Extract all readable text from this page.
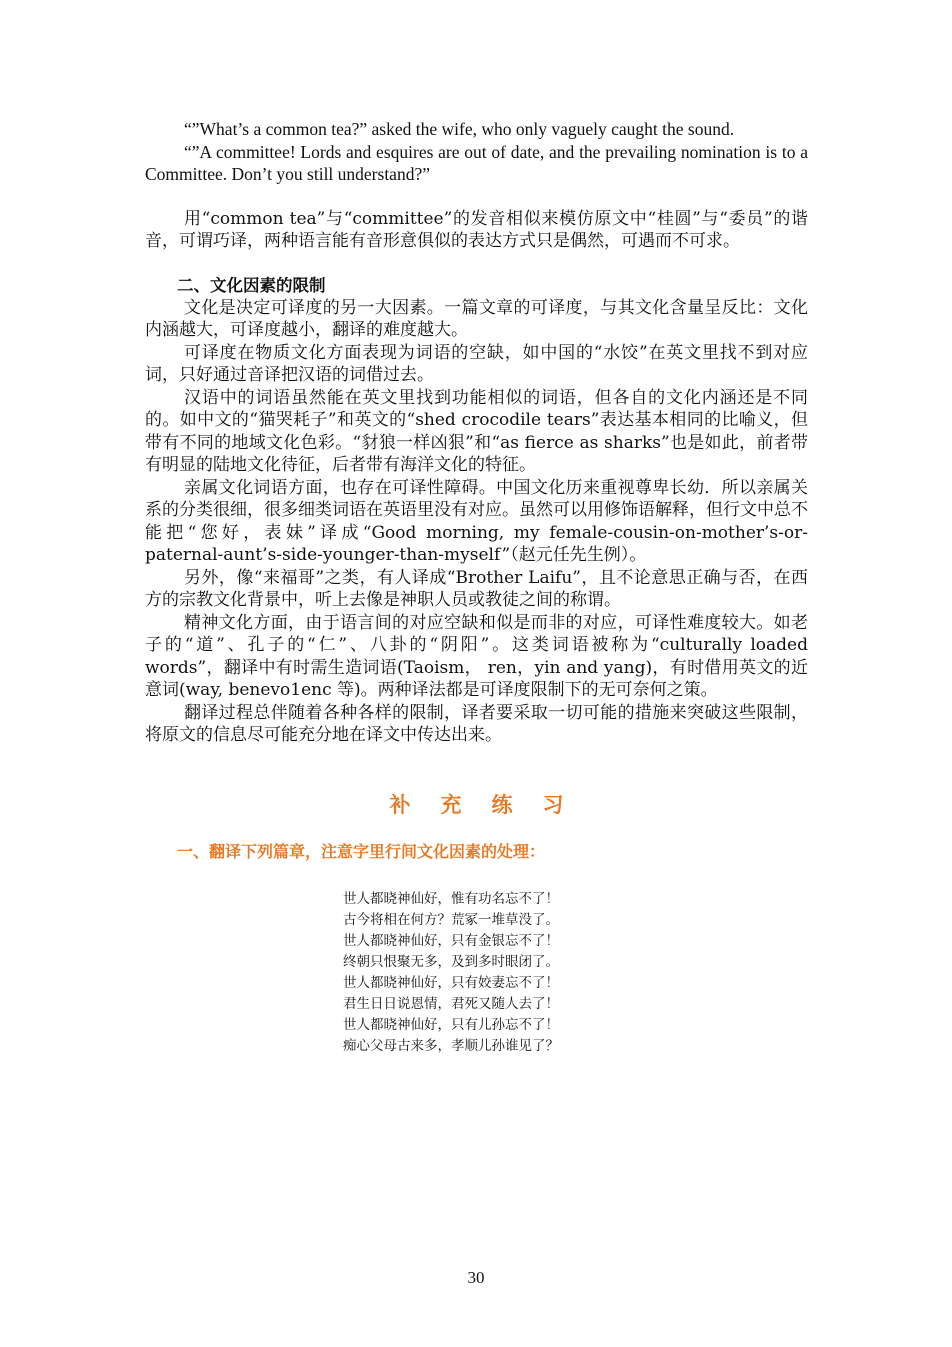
“”What’s a common tea?” asked the wife, who only vaguely caught the sound.

“”A committee! Lords and esquires are out of date, and the prevailing nomination is to a Committee. Don’t you still understand?”

用“common tea”与“committee”的发音相似来模仿原文中“桂圆”与“委员”的谐音，可谓巧译，两种语言能有音形意俱似的表达方式只是偶然，可遇而不可求。

二、文化因素的限制

文化是决定可译度的另一大因素。一篇文章的可译度，与其文化含量呈反比：文化内涵越大，可译度越小，翻译的难度越大。

可译度在物质文化方面表现为词语的空缺，如中国的“水饺”在英文里找不到对应词，只好通过音译把汉语的词借过去。

汉语中的词语虽然能在英文里找到功能相似的词语，但各自的文化内涵还是不同的。如中文的“猫哭耗子”和英文的“shed crocodile tears”表达基本相同的比喻义，但带有不同的地域文化色彩。“豺狼一样凶狠”和“as fierce as sharks”也是如此，前者带有明显的陆地文化待征，后者带有海洋文化的特征。

亲属文化词语方面，也存在可译性障碍。中国文化历来重视尊卑长幼．所以亲属关系的分类很细，很多细类词语在英语里没有对应。虽然可以用修饰语解释，但行文中总不能把“您好，表妹”译成“Good morning, my female-cousin-on-mother’s-or-paternal-aunt’s-side-younger-than-myself”（赵元任先生例）。

另外，像“来福哥”之类，有人译成“Brother Laifu”，且不论意思正确与否，在西方的宗教文化背景中，听上去像是神职人员或教徒之间的称谓。

精神文化方面，由于语言间的对应空缺和似是而非的对应，可译性难度较大。如老子的“道”、孔子的“仁”、八卦的“阴阳”。这类词语被称为“culturally loaded words”，翻译中有时需生造词语(Taoism， ren，yin and yang)，有时借用英文的近意词(way, benevo1enc 等)。两种译法都是可译度限制下的无可奈何之策。

翻译过程总伴随着各种各样的限制，译者要采取一切可能的措施来突破这些限制，将原文的信息尽可能充分地在译文中传达出来。

补充练习
一、翻译下列篇章，注意字里行间文化因素的处理：
世人都晓神仙好，惟有功名忘不了！
古今将相在何方？荒冢一堆草没了。
世人都晓神仙好，只有金银忘不了！
终朝只恨聚无多，及到多时眼闭了。
世人都晓神仙好，只有姣妻忘不了！
君生日日说恩情，君死又随人去了！
世人都晓神仙好，只有儿孙忘不了！
痴心父母古来多，孝顺儿孙谁见了？
30
